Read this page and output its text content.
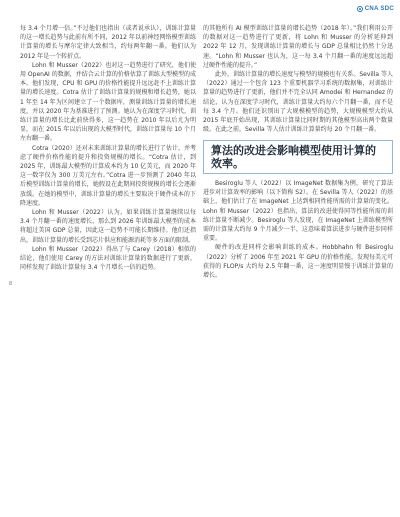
CNA SDC

每 3.4 个月增一倍。”不过他们也指出（或者说承认），训练计算量的这一增长趋势与此前有所不同，2012 年以前神经网络模型训练计算量的增长与摩尔定律大致相当，约每两年翻一番。他们认为 2012 年是一个转折点。

Lohn 和 Musser（2022）也对这一趋势进行了研究，他们使用 OpenAI 的数据，并结合云计算的价格估算了训练大型模型的成本。他们发现，CPU 和 GPU 的价格性能提升远远赶不上训练计算量的增长速度。Cotra 估计了训练计算量的规模和增长趋势，她以 1 年至 14 年为区间建立了一个数据库，测量训练计算量的增长速度，并以 2020 年为基准进行了预测。她认为在深度学习时代，训练计算量的增长比此前快得多，这一趋势在 2010 年以后尤为明显，而在 2015 年以后出现的大模型时代，训练计算量每 10 个月左右翻一番。

Cotra（2020）还对未来训练计算量的增长进行了估计，并考虑了硬件价格性能的提升和投资规模的增长。“Cotra 估计，到 2025 年，训练最大模型的计算成本约为 10 亿美元，而 2020 年这一数字仅为 300 万美元左右。”Cotra 进一步预测了 2040 年以后模型训练计算量的增长，她假设在此期间投资规模的增长会逐渐放缓。在她的模型中，训练计算量的增长主要取决于硬件成本的下降速度。

Lohn 和 Musser（2022）认为，如果训练计算量继续以每 3.4 个月翻一番的速度增长，那么到 2026 年训练最大模型的成本将超过美国 GDP 总量，因此这一趋势不可能长期维持。他们还指出，训练计算量的增长受到芯片供应和能源消耗等多方面的限制。

Lohn 和 Musser（2022）得出了与 Carey（2018）相似的结论，他们使用 Carey 的方法对训练计算量的数据进行了更新，同样发现了训练计算量每 3.4 个月增长一倍的趋势。

8

的其他所有 AI 模型训练计算量的增长趋势（2018 年）。”我们利用公开的数据对这一趋势进行了更新，将 Lohn 和 Musser 的分析延伸到 2022 年 12 月，发现训练计算量的增长与 GDP 总量相比仍然十分迅速。“Lohn 和 Musser 也认为，这一每 3.4 个月翻一番的速度远远超过硬件性能的提升。”

此外，训练计算量的增长速度与模型的规模也有关系。Sevilla 等人（2022）通过一个包含 123 个重要机器学习系统的数据集，对训练计算量的趋势进行了更新，他们并不完全认同 Amodei 和 Hernandez 的结论，认为在深度学习时代，训练计算量大约每六个月翻一番，而不是每 3.4 个月。他们还识别出了大规模模型的趋势，大规模模型大约从 2015 年底开始出现，其训练计算量比同时期的其他模型高出两个数量级。在此之前，Sevilla 等人估计训练计算量约每 20 个月翻一番。

算法的改进会影响模型使用计算的效率。

Besiroglu 等人（2022）以 ImageNet 数据集为例，研究了算法进步对计算效率的影响（以下简称 S2）。在 Sevilla 等人（2022）的基础上，他们估计了在 ImageNet 上达到相同性能所需的计算量的变化。Lohn 和 Musser（2022）也指出，算法的改进使得同等性能所需的训练计算量不断减少。Besiroglu 等人发现，在 ImageNet 上训练模型所需的计算量大约每 9 个月减少一半，这意味着算法进步与硬件进步同样重要。

硬件的改进同样会影响训练的成本。Hobbhahn 和 Besiroglu（2022）分析了 2006 年至 2021 年 GPU 的价格性能，发现每美元可获得的 FLOP/s 大约每 2.5 年翻一番，这一速度明显慢于训练计算量的增长。
